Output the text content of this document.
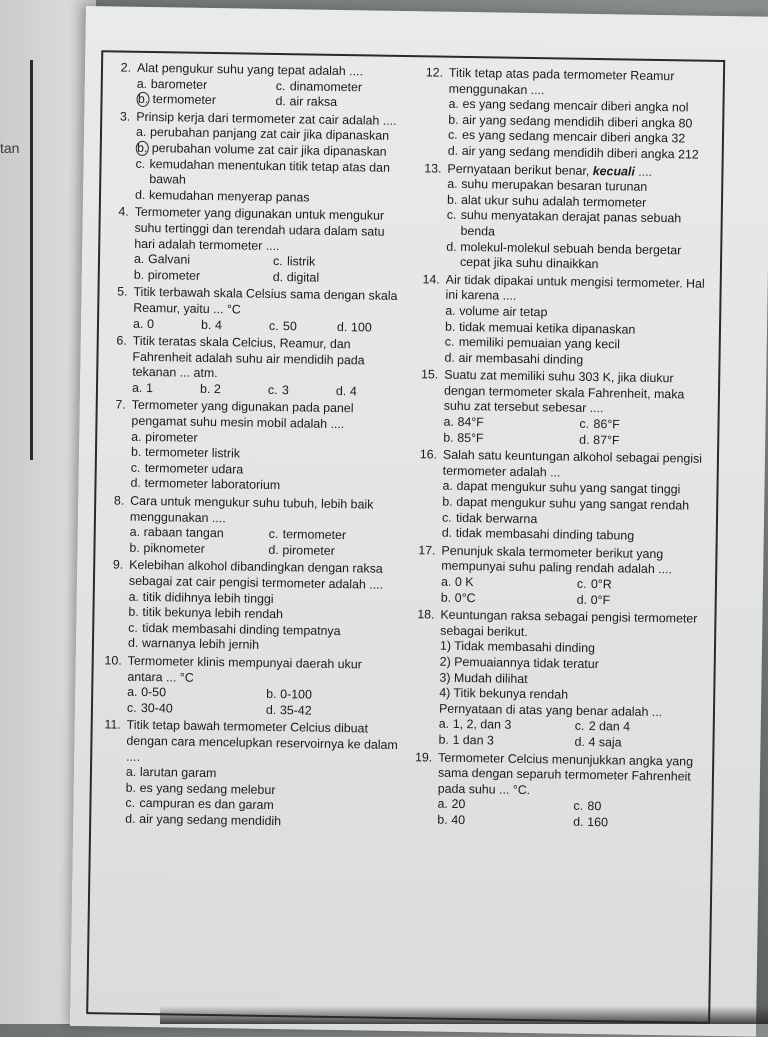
tan
2. Alat pengukur suhu yang tepat adalah ....
a. barometer	c. dinamometer
b. termometer	d. air raksa
3. Prinsip kerja dari termometer zat cair adalah ....
a. perubahan panjang zat cair jika dipanaskan
b. perubahan volume zat cair jika dipanaskan
c. kemudahan menentukan titik tetap atas dan bawah
d. kemudahan menyerap panas
4. Termometer yang digunakan untuk mengukur suhu tertinggi dan terendah udara dalam satu hari adalah termometer ....
a. Galvani	c. listrik
b. pirometer	d. digital
5. Titik terbawah skala Celsius sama dengan skala Reamur, yaitu ... °C
a. 0	b. 4	c. 50	d. 100
6. Titik teratas skala Celcius, Reamur, dan Fahrenheit adalah suhu air mendidih pada tekanan ... atm.
a. 1	b. 2	c. 3	d. 4
7. Termometer yang digunakan pada panel pengamat suhu mesin mobil adalah ....
a. pirometer
b. termometer listrik
c. termometer udara
d. termometer laboratorium
8. Cara untuk mengukur suhu tubuh, lebih baik menggunakan ....
a. rabaan tangan	c. termometer
b. piknometer	d. pirometer
9. Kelebihan alkohol dibandingkan dengan raksa sebagai zat cair pengisi termometer adalah ....
a. titik didihnya lebih tinggi
b. titik bekunya lebih rendah
c. tidak membasahi dinding tempatnya
d. warnanya lebih jernih
10. Termometer klinis mempunyai daerah ukur antara ... °C
a. 0-50	b. 0-100
c. 30-40	d. 35-42
11. Titik tetap bawah termometer Celcius dibuat dengan cara mencelupkan reservoirnya ke dalam ....
a. larutan garam
b. es yang sedang melebur
c. campuran es dan garam
d. air yang sedang mendidih
12. Titik tetap atas pada termometer Reamur menggunakan ....
a. es yang sedang mencair diberi angka nol
b. air yang sedang mendidih diberi angka 80
c. es yang sedang mencair diberi angka 32
d. air yang sedang mendidih diberi angka 212
13. Pernyataan berikut benar, kecuali ....
a. suhu merupakan besaran turunan
b. alat ukur suhu adalah termometer
c. suhu menyatakan derajat panas sebuah benda
d. molekul-molekul sebuah benda bergetar cepat jika suhu dinaikkan
14. Air tidak dipakai untuk mengisi termometer. Hal ini karena ....
a. volume air tetap
b. tidak memuai ketika dipanaskan
c. memiliki pemuaian yang kecil
d. air membasahi dinding
15. Suatu zat memiliki suhu 303 K, jika diukur dengan termometer skala Fahrenheit, maka suhu zat tersebut sebesar ....
a. 84°F	c. 86°F
b. 85°F	d. 87°F
16. Salah satu keuntungan alkohol sebagai pengisi termometer adalah ...
a. dapat mengukur suhu yang sangat tinggi
b. dapat mengukur suhu yang sangat rendah
c. tidak berwarna
d. tidak membasahi dinding tabung
17. Penunjuk skala termometer berikut yang mempunyai suhu paling rendah adalah ....
a. 0 K	c. 0°R
b. 0°C	d. 0°F
18. Keuntungan raksa sebagai pengisi termometer sebagai berikut.
1) Tidak membasahi dinding
2) Pemuaiannya tidak teratur
3) Mudah dilihat
4) Titik bekunya rendah
Pernyataan di atas yang benar adalah ...
a. 1, 2, dan 3	c. 2 dan 4
b. 1 dan 3	d. 4 saja
19. Termometer Celcius menunjukkan angka yang sama dengan separuh termometer Fahrenheit pada suhu ... °C.
a. 20	c. 80
b. 40	d. 160
